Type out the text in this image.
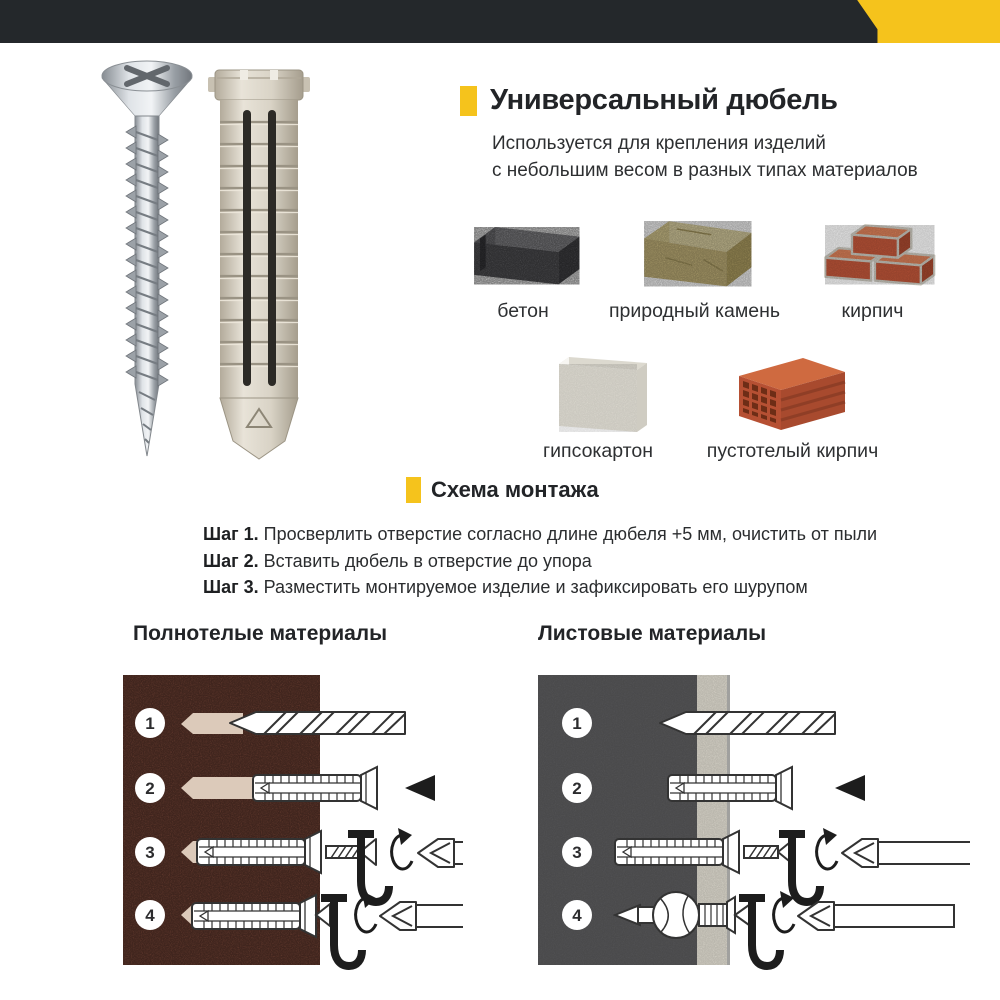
Универсальный дюбель
Используется для крепления изделий
с небольшим весом в разных типах материалов
бетон	природный камень	кирпич
гипсокартон	пустотелый кирпич
Схема монтажа
Шаг 1. Просверлить отверстие согласно длине дюбеля +5 мм, очистить от пыли
Шаг 2. Вставить дюбель в отверстие до упора
Шаг 3. Разместить монтируемое изделие и зафиксировать его шурупом
Полнотелые материалы	Листовые материалы
1
2
3
4
1
2
3
4
